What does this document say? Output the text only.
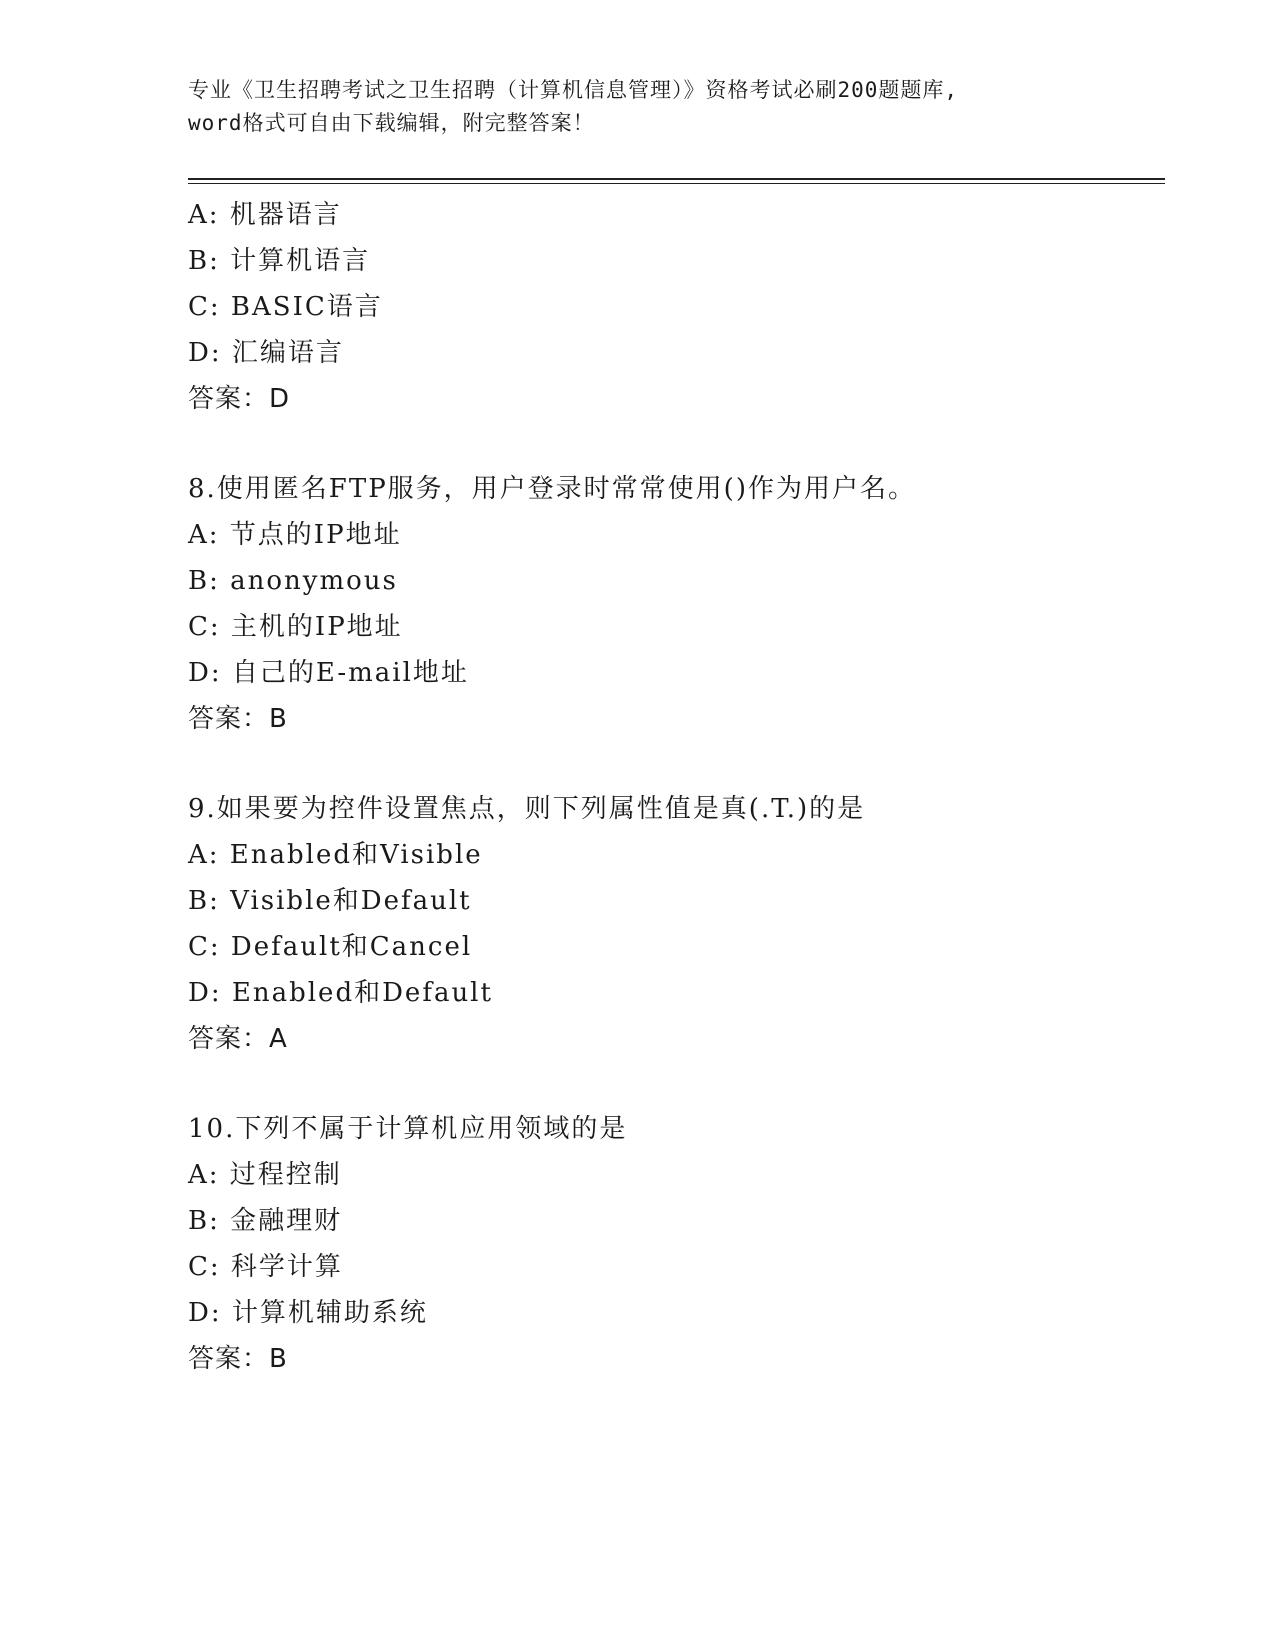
专业《卫生招聘考试之卫生招聘（计算机信息管理）》资格考试必刷200题题库,
word格式可自由下载编辑，附完整答案！
A: 机器语言
B: 计算机语言
C: BASIC语言
D: 汇编语言
答案：D
8.使用匿名FTP服务，用户登录时常常使用()作为用户名。
A: 节点的IP地址
B: anonymous
C: 主机的IP地址
D: 自己的E-mail地址
答案：B
9.如果要为控件设置焦点，则下列属性值是真(.T.)的是
A: Enabled和Visible
B: Visible和Default
C: Default和Cancel
D: Enabled和Default
答案：A
10.下列不属于计算机应用领域的是
A: 过程控制
B: 金融理财
C: 科学计算
D: 计算机辅助系统
答案：B
